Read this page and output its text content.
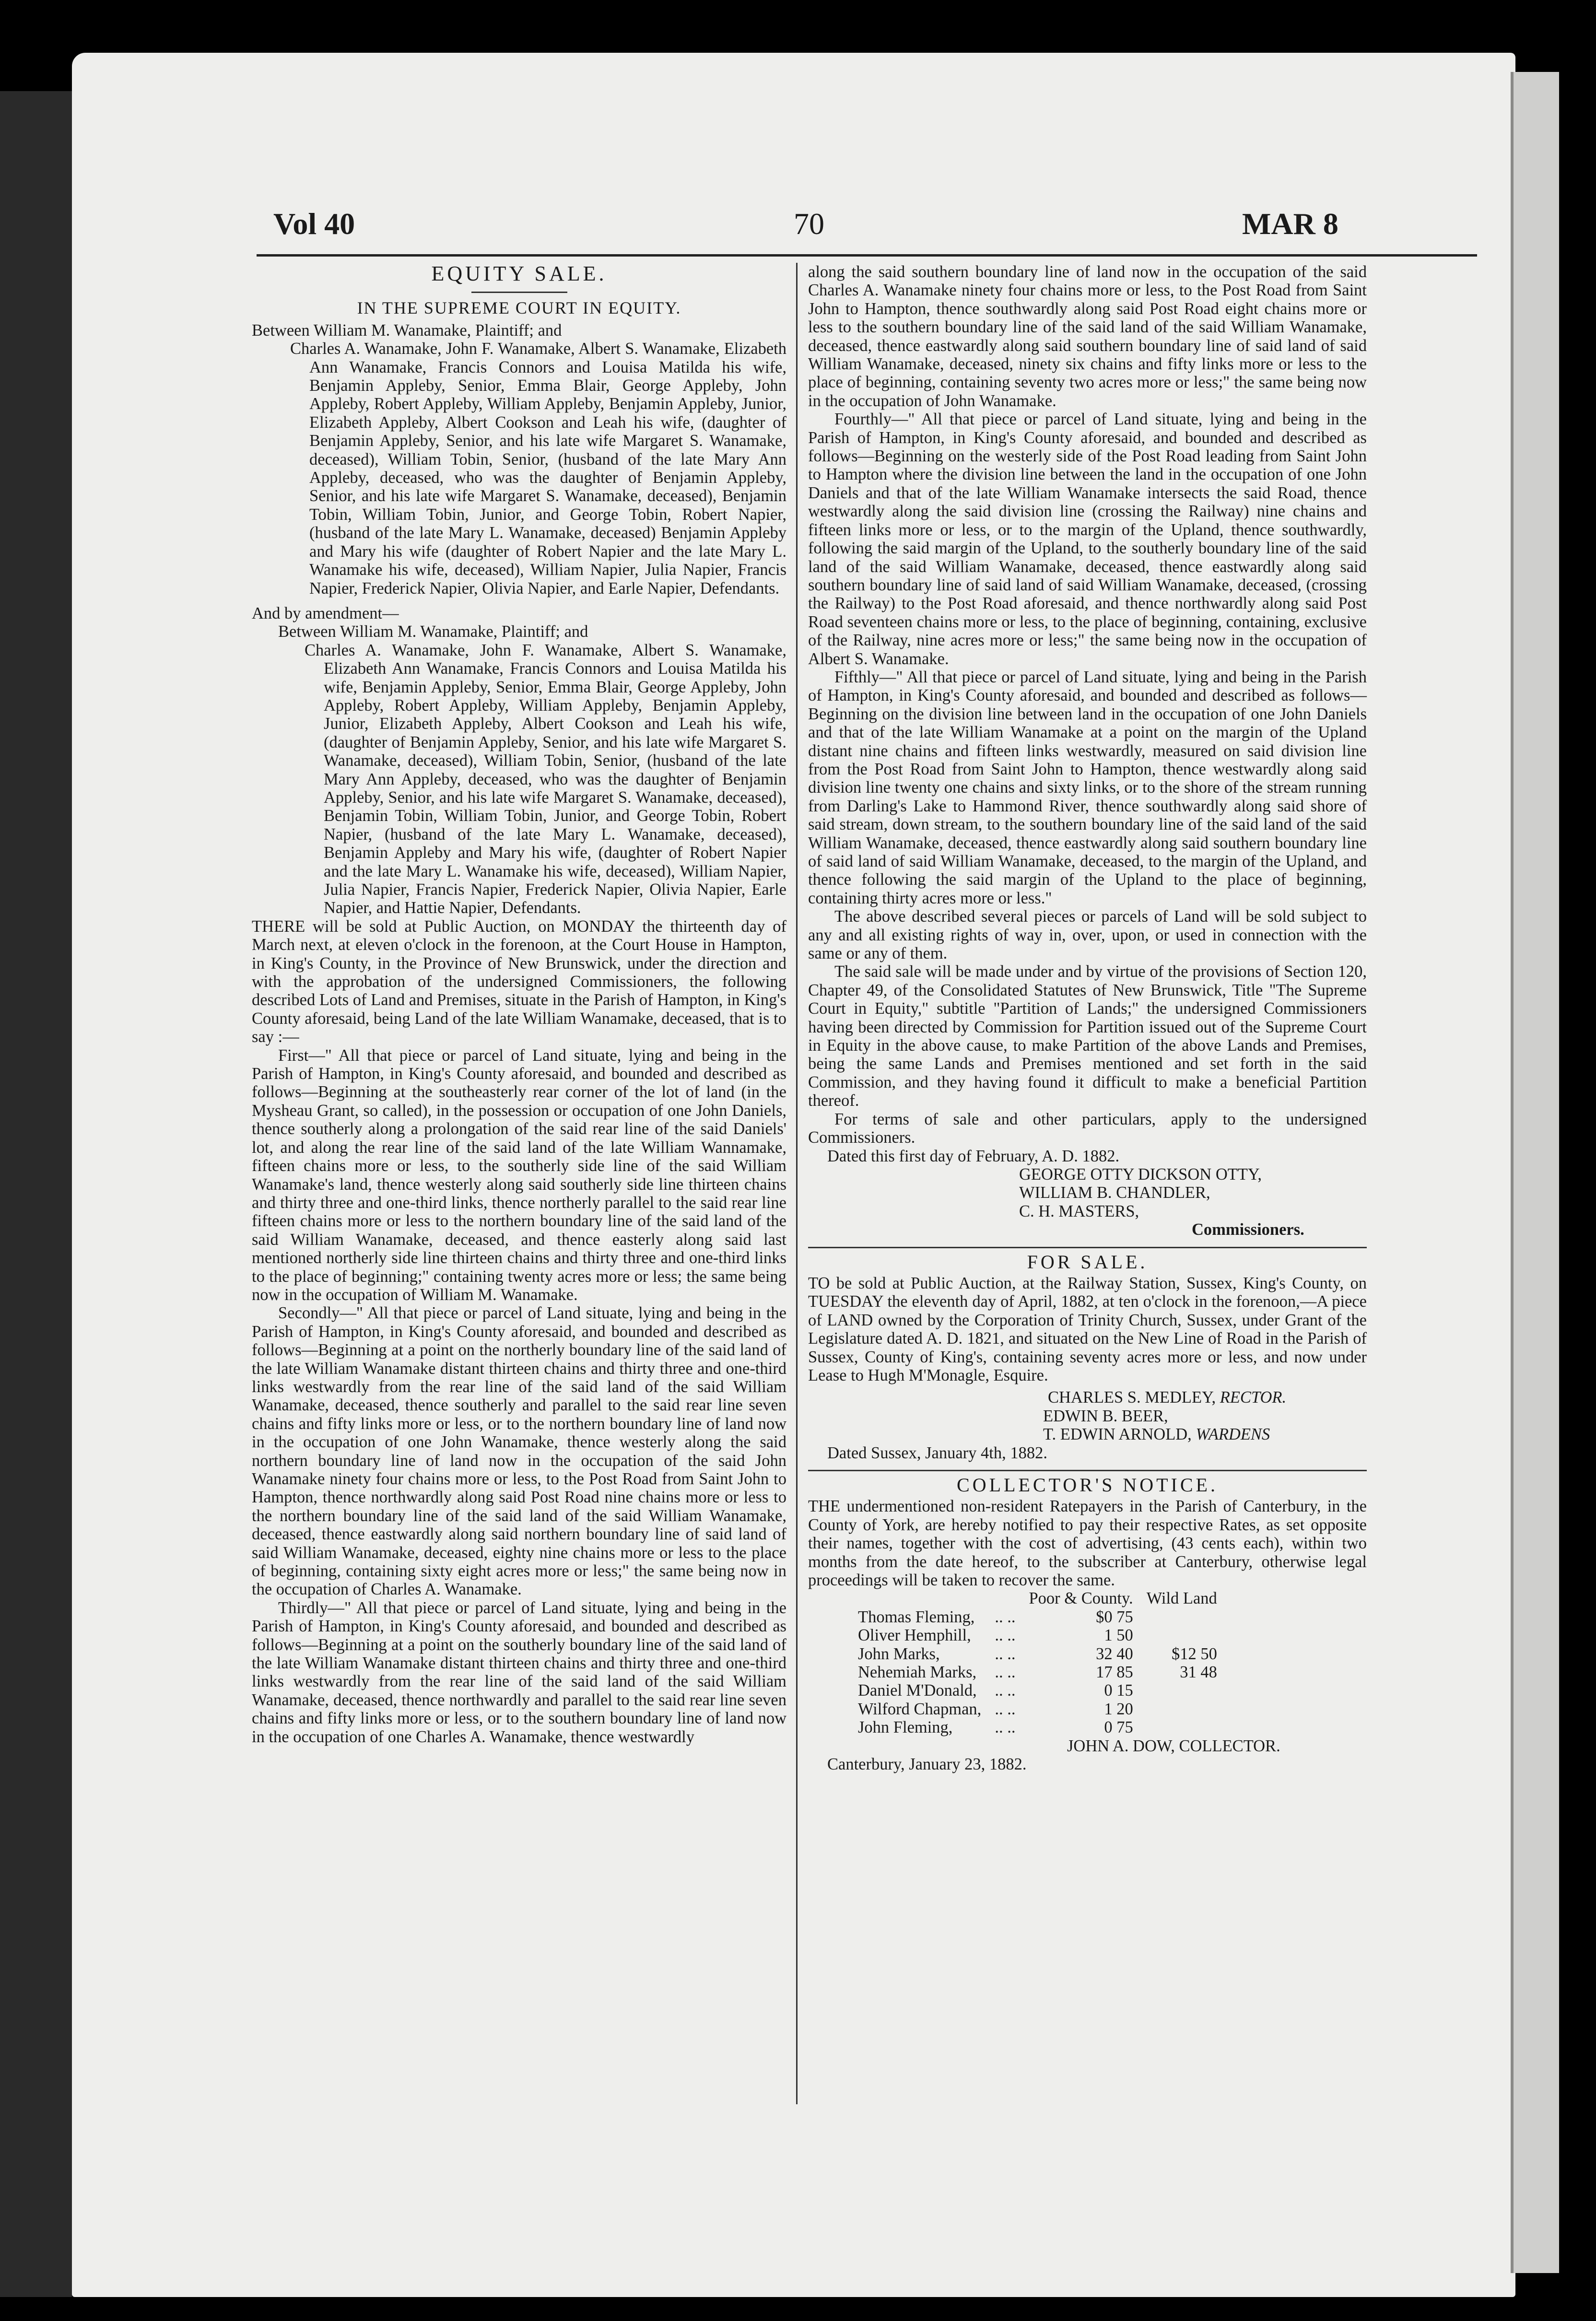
Vol 40	70	MAR 8

EQUITY SALE.

IN THE SUPREME COURT IN EQUITY.

Between William M. Wanamake, Plaintiff; and

Charles A. Wanamake, John F. Wanamake, Albert S. Wanamake, Elizabeth Ann Wanamake, Francis Connors and Louisa Matilda his wife, Benjamin Appleby, Senior, Emma Blair, George Appleby, John Appleby, Robert Appleby, William Appleby, Benjamin Appleby, Junior, Elizabeth Appleby, Albert Cookson and Leah his wife, (daughter of Benjamin Appleby, Senior, and his late wife Margaret S. Wanamake, deceased), William Tobin, Senior, (husband of the late Mary Ann Appleby, deceased, who was the daughter of Benjamin Appleby, Senior, and his late wife Margaret S. Wanamake, deceased), Benjamin Tobin, William Tobin, Junior, and George Tobin, Robert Napier, (husband of the late Mary L. Wanamake, deceased) Benjamin Appleby and Mary his wife (daughter of Robert Napier and the late Mary L. Wanamake his wife, deceased), William Napier, Julia Napier, Francis Napier, Frederick Napier, Olivia Napier, and Earle Napier, Defendants.

And by amendment—

Between William M. Wanamake, Plaintiff; and

Charles A. Wanamake, John F. Wanamake, Albert S. Wanamake, Elizabeth Ann Wanamake, Francis Connors and Louisa Matilda his wife, Benjamin Appleby, Senior, Emma Blair, George Appleby, John Appleby, Robert Appleby, William Appleby, Benjamin Appleby, Junior, Elizabeth Appleby, Albert Cookson and Leah his wife, (daughter of Benjamin Appleby, Senior, and his late wife Margaret S. Wanamake, deceased), William Tobin, Senior, (husband of the late Mary Ann Appleby, deceased, who was the daughter of Benjamin Appleby, Senior, and his late wife Margaret S. Wanamake, deceased), Benjamin Tobin, William Tobin, Junior, and George Tobin, Robert Napier, (husband of the late Mary L. Wanamake, deceased), Benjamin Appleby and Mary his wife, (daughter of Robert Napier and the late Mary L. Wanamake his wife, deceased), William Napier, Julia Napier, Francis Napier, Frederick Napier, Olivia Napier, Earle Napier, and Hattie Napier, Defendants.

THERE will be sold at Public Auction, on MONDAY the thirteenth day of March next, at eleven o'clock in the forenoon, at the Court House in Hampton, in King's County, in the Province of New Brunswick, under the direction and with the approbation of the undersigned Commissioners, the following described Lots of Land and Premises, situate in the Parish of Hampton, in King's County aforesaid, being Land of the late William Wanamake, deceased, that is to say :—

First—" All that piece or parcel of Land situate, lying and being in the Parish of Hampton, in King's County aforesaid, and bounded and described as follows—Beginning at the southeasterly rear corner of the lot of land (in the Mysheau Grant, so called), in the possession or occupation of one John Daniels, thence southerly along a prolongation of the said rear line of the said Daniels' lot, and along the rear line of the said land of the late William Wannamake, fifteen chains more or less, to the southerly side line of the said William Wanamake's land, thence westerly along said southerly side line thirteen chains and thirty three and one-third links, thence northerly parallel to the said rear line fifteen chains more or less to the northern boundary line of the said land of the said William Wanamake, deceased, and thence easterly along said last mentioned northerly side line thirteen chains and thirty three and one-third links to the place of beginning;" containing twenty acres more or less; the same being now in the occupation of William M. Wanamake.

Secondly—" All that piece or parcel of Land situate, lying and being in the Parish of Hampton, in King's County aforesaid, and bounded and described as follows—Beginning at a point on the northerly boundary line of the said land of the late William Wanamake distant thirteen chains and thirty three and one-third links westwardly from the rear line of the said land of the said William Wanamake, deceased, thence southerly and parallel to the said rear line seven chains and fifty links more or less, or to the northern boundary line of land now in the occupation of one John Wanamake, thence westerly along the said northern boundary line of land now in the occupation of the said John Wanamake ninety four chains more or less, to the Post Road from Saint John to Hampton, thence northwardly along said Post Road nine chains more or less to the northern boundary line of the said land of the said William Wanamake, deceased, thence eastwardly along said northern boundary line of said land of said William Wanamake, deceased, eighty nine chains more or less to the place of beginning, containing sixty eight acres more or less;" the same being now in the occupation of Charles A. Wanamake.

Thirdly—" All that piece or parcel of Land situate, lying and being in the Parish of Hampton, in King's County aforesaid, and bounded and described as follows—Beginning at a point on the southerly boundary line of the said land of the late William Wanamake distant thirteen chains and thirty three and one-third links westwardly from the rear line of the said land of the said William Wanamake, deceased, thence northwardly and parallel to the said rear line seven chains and fifty links more or less, or to the southern boundary line of land now in the occupation of one Charles A. Wanamake, thence westwardly

along the said southern boundary line of land now in the occupation of the said Charles A. Wanamake ninety four chains more or less, to the Post Road from Saint John to Hampton, thence southwardly along said Post Road eight chains more or less to the southern boundary line of the said land of the said William Wanamake, deceased, thence eastwardly along said southern boundary line of said land of said William Wanamake, deceased, ninety six chains and fifty links more or less to the place of beginning, containing seventy two acres more or less;" the same being now in the occupation of John Wanamake.

Fourthly—" All that piece or parcel of Land situate, lying and being in the Parish of Hampton, in King's County aforesaid, and bounded and described as follows—Beginning on the westerly side of the Post Road leading from Saint John to Hampton where the division line between the land in the occupation of one John Daniels and that of the late William Wanamake intersects the said Road, thence westwardly along the said division line (crossing the Railway) nine chains and fifteen links more or less, or to the margin of the Upland, thence southwardly, following the said margin of the Upland, to the southerly boundary line of the said land of the said William Wanamake, deceased, thence eastwardly along said southern boundary line of said land of said William Wanamake, deceased, (crossing the Railway) to the Post Road aforesaid, and thence northwardly along said Post Road seventeen chains more or less, to the place of beginning, containing, exclusive of the Railway, nine acres more or less;" the same being now in the occupation of Albert S. Wanamake.

Fifthly—" All that piece or parcel of Land situate, lying and being in the Parish of Hampton, in King's County aforesaid, and bounded and described as follows—Beginning on the division line between land in the occupation of one John Daniels and that of the late William Wanamake at a point on the margin of the Upland distant nine chains and fifteen links westwardly, measured on said division line from the Post Road from Saint John to Hampton, thence westwardly along said division line twenty one chains and sixty links, or to the shore of the stream running from Darling's Lake to Hammond River, thence southwardly along said shore of said stream, down stream, to the southern boundary line of the said land of the said William Wanamake, deceased, thence eastwardly along said southern boundary line of said land of said William Wanamake, deceased, to the margin of the Upland, and thence following the said margin of the Upland to the place of beginning, containing thirty acres more or less."

The above described several pieces or parcels of Land will be sold subject to any and all existing rights of way in, over, upon, or used in connection with the same or any of them.

The said sale will be made under and by virtue of the provisions of Section 120, Chapter 49, of the Consolidated Statutes of New Brunswick, Title "The Supreme Court in Equity," subtitle "Partition of Lands;" the undersigned Commissioners having been directed by Commission for Partition issued out of the Supreme Court in Equity in the above cause, to make Partition of the above Lands and Premises, being the same Lands and Premises mentioned and set forth in the said Commission, and they having found it difficult to make a beneficial Partition thereof.

For terms of sale and other particulars, apply to the undersigned Commissioners.

Dated this first day of February, A. D. 1882.

GEORGE OTTY DICKSON OTTY,

WILLIAM B. CHANDLER,

C. H. MASTERS,

Commissioners.

FOR SALE.

TO be sold at Public Auction, at the Railway Station, Sussex, King's County, on TUESDAY the eleventh day of April, 1882, at ten o'clock in the forenoon,—A piece of LAND owned by the Corporation of Trinity Church, Sussex, under Grant of the Legislature dated A. D. 1821, and situated on the New Line of Road in the Parish of Sussex, County of King's, containing seventy acres more or less, and now under Lease to Hugh M'Monagle, Esquire.

CHARLES S. MEDLEY, RECTOR.

EDWIN B. BEER,

T. EDWIN ARNOLD, WARDENS

Dated Sussex, January 4th, 1882.

COLLECTOR'S NOTICE.

THE undermentioned non-resident Ratepayers in the Parish of Canterbury, in the County of York, are hereby notified to pay their respective Rates, as set opposite their names, together with the cost of advertising, (43 cents each), within two months from the date hereof, to the subscriber at Canterbury, otherwise legal proceedings will be taken to recover the same.

		Poor & County.	Wild Land
Thomas Fleming,	.. ..	$0 75	
Oliver Hemphill,	.. ..	1 50	
John Marks,	.. ..	32 40	$12 50
Nehemiah Marks,	.. ..	17 85	31 48
Daniel M'Donald,	.. ..	0 15	
Wilford Chapman,	.. ..	1 20	
John Fleming,	.. ..	0 75	

JOHN A. DOW, COLLECTOR.

Canterbury, January 23, 1882.
